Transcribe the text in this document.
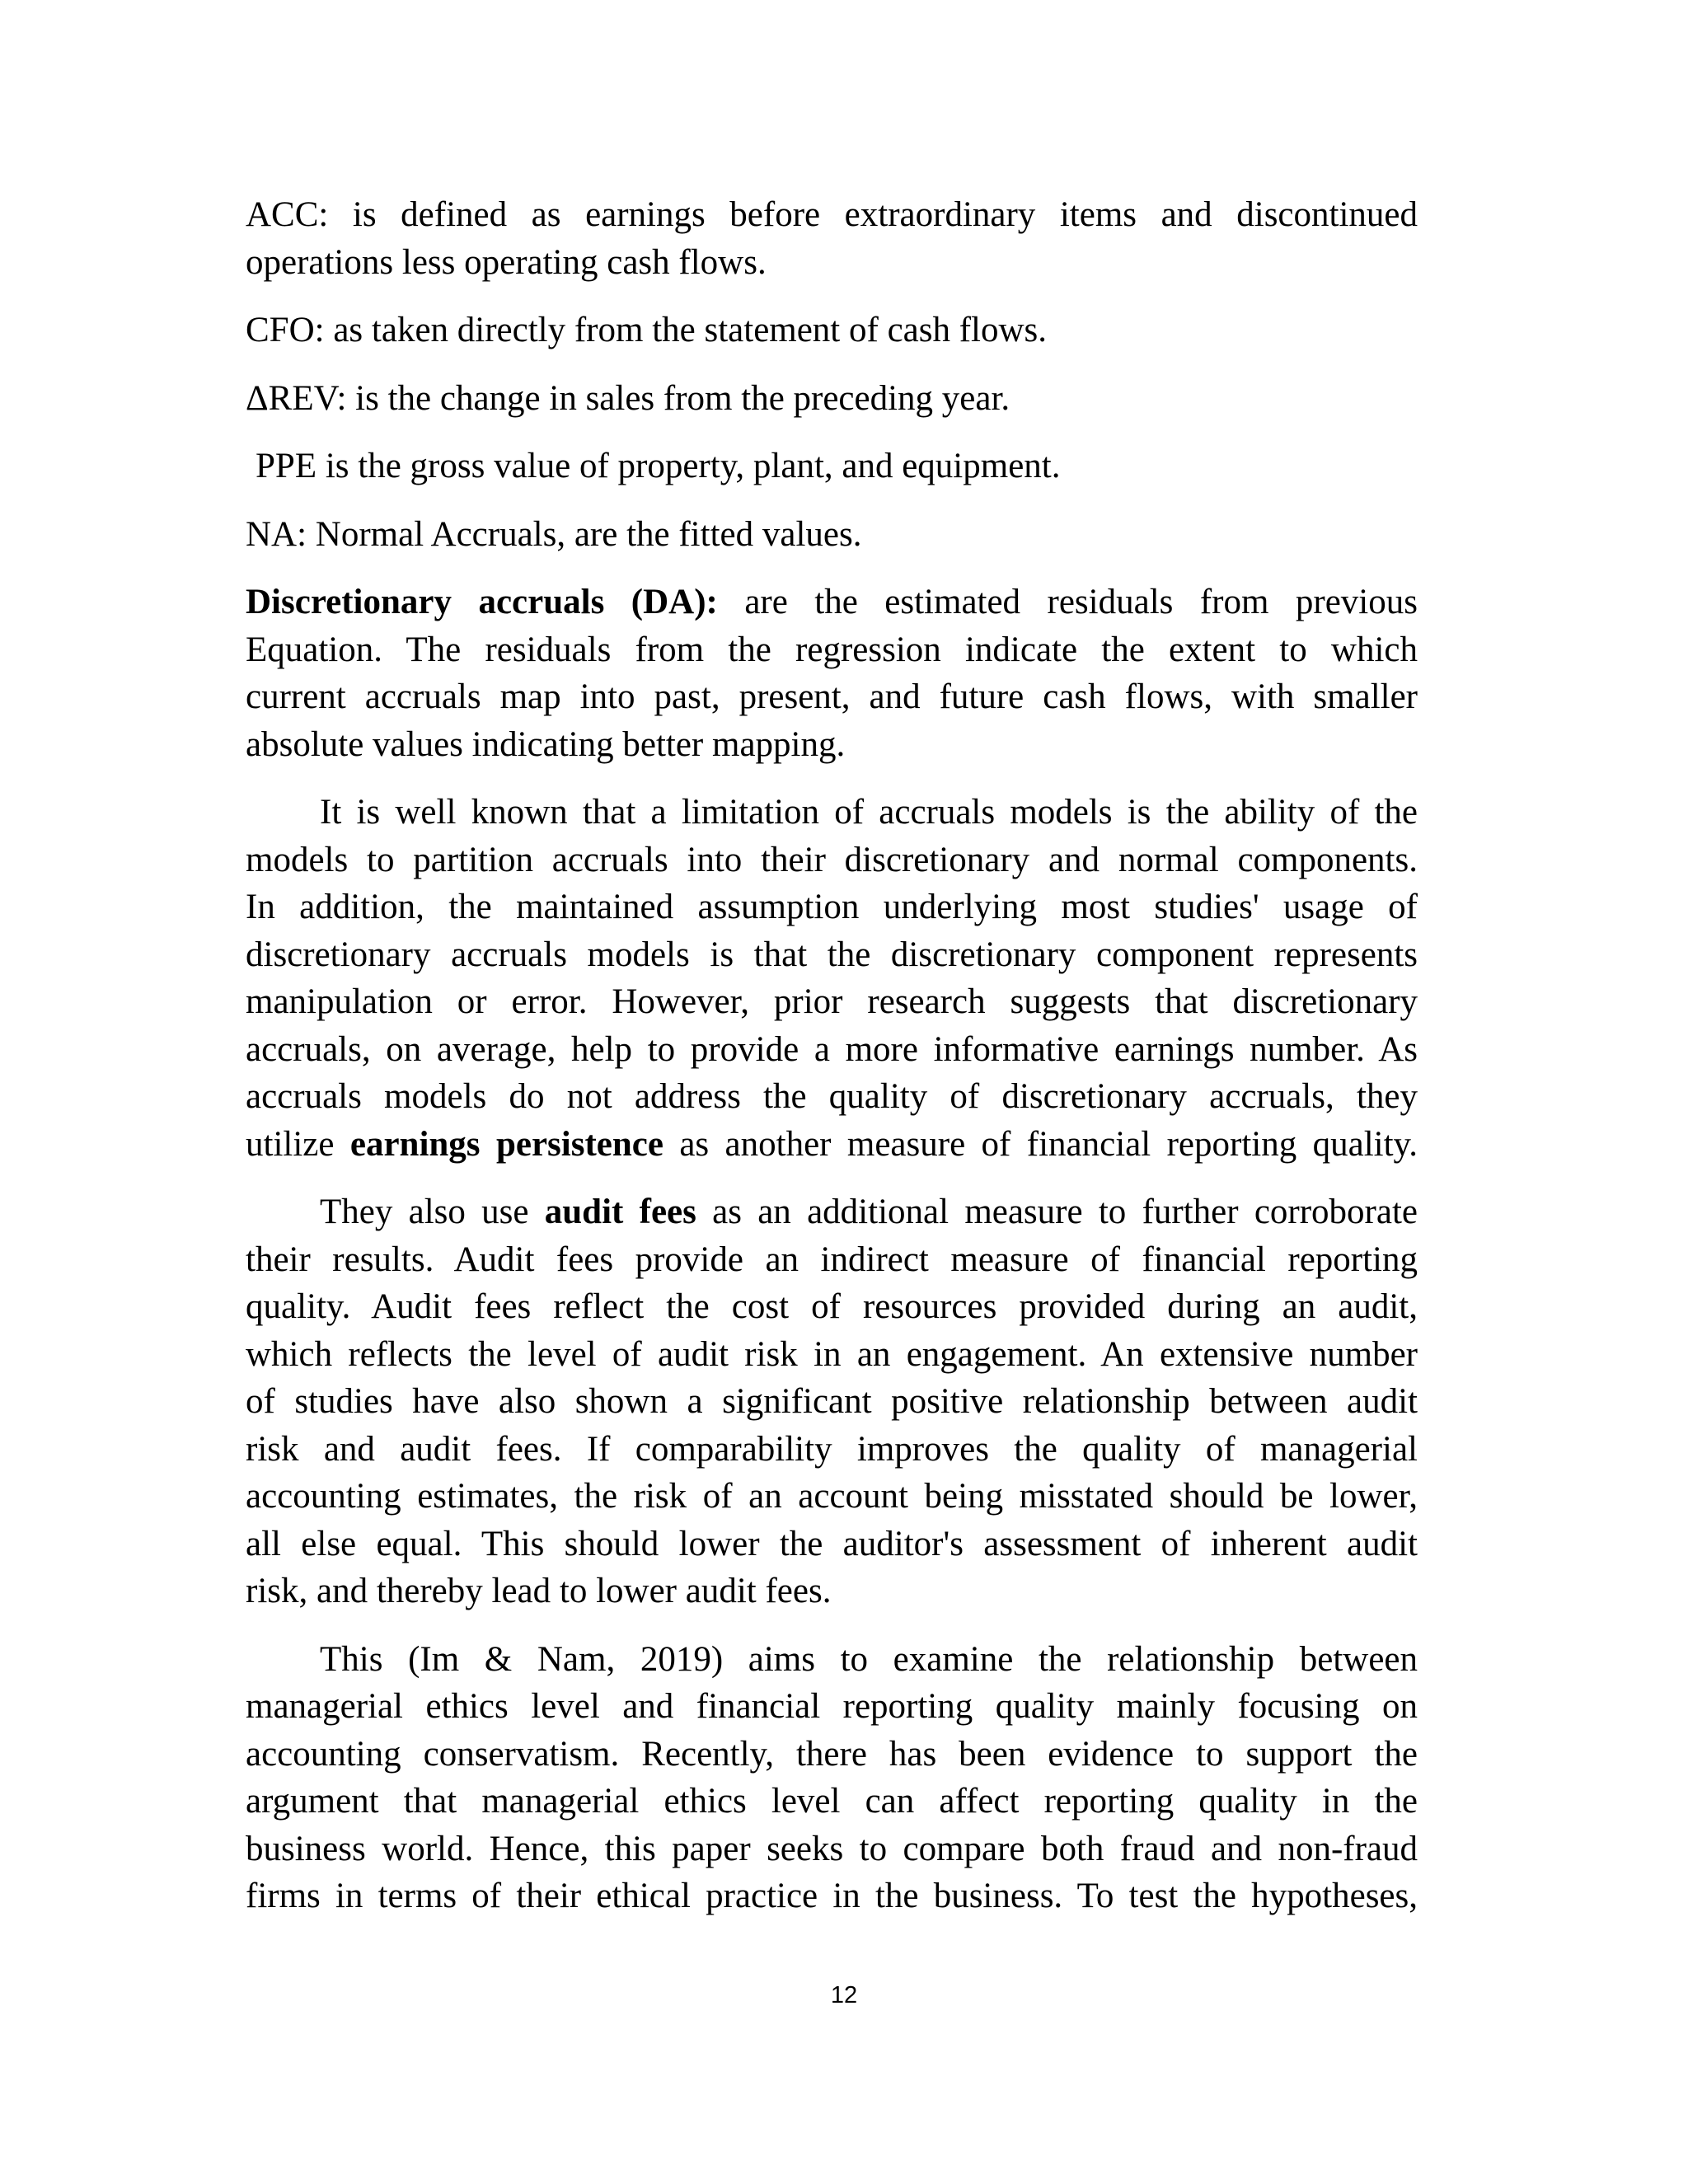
ACC: is defined as earnings before extraordinary items and discontinued
operations less operating cash flows.
CFO: as taken directly from the statement of cash flows.
ΔREV: is the change in sales from the preceding year.
PPE is the gross value of property, plant, and equipment.
NA: Normal Accruals, are the fitted values.
Discretionary accruals (DA): are the estimated residuals from previous
Equation. The residuals from the regression indicate the extent to which
current accruals map into past, present, and future cash flows, with smaller
absolute values indicating better mapping.
It is well known that a limitation of accruals models is the ability of the
models to partition accruals into their discretionary and normal components.
In addition, the maintained assumption underlying most studies' usage of
discretionary accruals models is that the discretionary component represents
manipulation or error. However, prior research suggests that discretionary
accruals, on average, help to provide a more informative earnings number. As
accruals models do not address the quality of discretionary accruals, they
utilize earnings persistence as another measure of financial reporting quality.
They also use audit fees as an additional measure to further corroborate
their results. Audit fees provide an indirect measure of financial reporting
quality. Audit fees reflect the cost of resources provided during an audit,
which reflects the level of audit risk in an engagement. An extensive number
of studies have also shown a significant positive relationship between audit
risk and audit fees. If comparability improves the quality of managerial
accounting estimates, the risk of an account being misstated should be lower,
all else equal. This should lower the auditor's assessment of inherent audit
risk, and thereby lead to lower audit fees.
This (Im & Nam, 2019) aims to examine the relationship between
managerial ethics level and financial reporting quality mainly focusing on
accounting conservatism. Recently, there has been evidence to support the
argument that managerial ethics level can affect reporting quality in the
business world. Hence, this paper seeks to compare both fraud and non-fraud
firms in terms of their ethical practice in the business. To test the hypotheses,
12
